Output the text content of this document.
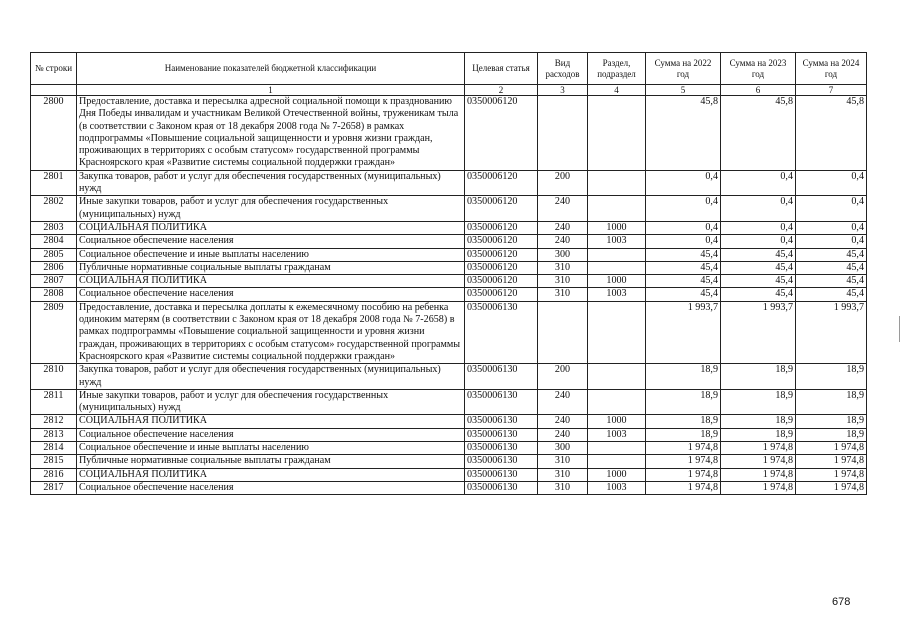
№ строки	Наименование показателей бюджетной классификации	Целевая статья	Вид расходов	Раздел, подраздел	Сумма на 2022 год	Сумма на 2023 год	Сумма на 2024 год
	1	2	3	4	5	6	7
2800	Предоставление, доставка и пересылка адресной социальной помощи к празднованию Дня Победы инвалидам и участникам Великой Отечественной войны, труженикам тыла (в соответствии с Законом края от 18 декабря 2008 года № 7-2658) в рамках подпрограммы «Повышение социальной защищенности и уровня жизни граждан, проживающих в территориях с особым статусом» государственной программы Красноярского края «Развитие системы социальной поддержки граждан»	0350006120			45,8	45,8	45,8
2801	Закупка товаров, работ и услуг для обеспечения государственных (муниципальных) нужд	0350006120	200		0,4	0,4	0,4
2802	Иные закупки товаров, работ и услуг для обеспечения государственных (муниципальных) нужд	0350006120	240		0,4	0,4	0,4
2803	СОЦИАЛЬНАЯ ПОЛИТИКА	0350006120	240	1000	0,4	0,4	0,4
2804	Социальное обеспечение населения	0350006120	240	1003	0,4	0,4	0,4
2805	Социальное обеспечение и иные выплаты населению	0350006120	300		45,4	45,4	45,4
2806	Публичные нормативные социальные выплаты гражданам	0350006120	310		45,4	45,4	45,4
2807	СОЦИАЛЬНАЯ ПОЛИТИКА	0350006120	310	1000	45,4	45,4	45,4
2808	Социальное обеспечение населения	0350006120	310	1003	45,4	45,4	45,4
2809	Предоставление, доставка и пересылка доплаты к ежемесячному пособию на ребенка одиноким матерям (в соответствии с Законом края от 18 декабря 2008 года № 7-2658) в рамках подпрограммы «Повышение социальной защищенности и уровня жизни граждан, проживающих в территориях с особым статусом» государственной программы Красноярского края «Развитие системы социальной поддержки граждан»	0350006130			1 993,7	1 993,7	1 993,7
2810	Закупка товаров, работ и услуг для обеспечения государственных (муниципальных) нужд	0350006130	200		18,9	18,9	18,9
2811	Иные закупки товаров, работ и услуг для обеспечения государственных (муниципальных) нужд	0350006130	240		18,9	18,9	18,9
2812	СОЦИАЛЬНАЯ ПОЛИТИКА	0350006130	240	1000	18,9	18,9	18,9
2813	Социальное обеспечение населения	0350006130	240	1003	18,9	18,9	18,9
2814	Социальное обеспечение и иные выплаты населению	0350006130	300		1 974,8	1 974,8	1 974,8
2815	Публичные нормативные социальные выплаты гражданам	0350006130	310		1 974,8	1 974,8	1 974,8
2816	СОЦИАЛЬНАЯ ПОЛИТИКА	0350006130	310	1000	1 974,8	1 974,8	1 974,8
2817	Социальное обеспечение населения	0350006130	310	1003	1 974,8	1 974,8	1 974,8
678
